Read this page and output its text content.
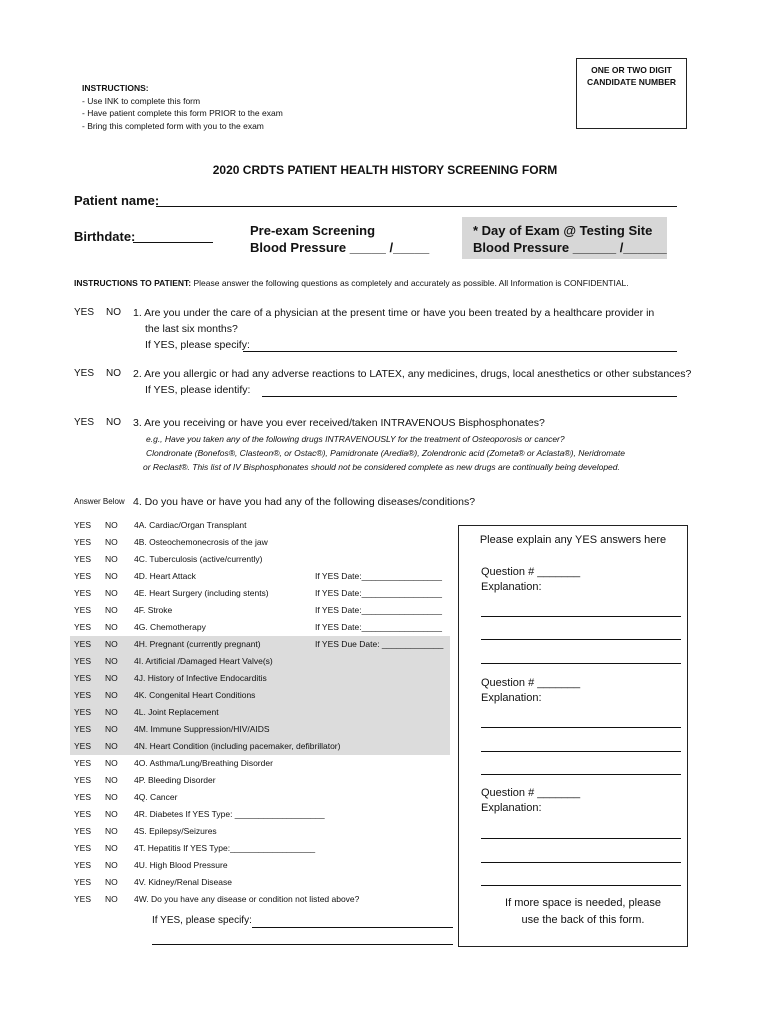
ONE OR TWO DIGIT
CANDIDATE NUMBER
INSTRUCTIONS:
- Use INK to complete this form
- Have patient complete this form PRIOR to the exam
- Bring this completed form with you to the exam
2020 CRDTS PATIENT HEALTH HISTORY SCREENING FORM
Patient name:
Birthdate:	Pre-exam Screening
Blood Pressure _____ /_____
* Day of Exam @ Testing Site
Blood Pressure ______ /______
INSTRUCTIONS TO PATIENT: Please answer the following questions as completely and accurately as possible. All Information is CONFIDENTIAL.
YES NO 1. Are you under the care of a physician at the present time or have you been treated by a healthcare provider in
the last six months?
If YES, please specify:
YES NO 2. Are you allergic or had any adverse reactions to LATEX, any medicines, drugs, local anesthetics or other substances?
If YES, please identify:
YES NO 3. Are you receiving or have you ever received/taken INTRAVENOUS Bisphosphonates?
e.g., Have you taken any of the following drugs INTRAVENOUSLY for the treatment of Osteoporosis or cancer?
Clondronate (Bonefos®, Clasteon®, or Ostac®), Pamidronate (Aredia®), Zolendronic acid (Zometa® or Aclasta®), Neridromate
or Reclast®. This list of IV Bisphosphonates should not be considered complete as new drugs are continually being developed.
Answer Below 4. Do you have or have you had any of the following diseases/conditions?
YES NO 4A. Cardiac/Organ Transplant
YES NO 4B. Osteochemonecrosis of the jaw
YES NO 4C. Tuberculosis (active/currently)
YES NO 4D. Heart Attack	If YES Date:_________________
YES NO 4E. Heart Surgery (including stents)	If YES Date:_________________
YES NO 4F. Stroke	If YES Date:_________________
YES NO 4G. Chemotherapy	If YES Date:_________________
YES NO 4H. Pregnant (currently pregnant)	If YES Due Date: _____________
YES NO 4I. Artificial /Damaged Heart Valve(s)
YES NO 4J. History of Infective Endocarditis
YES NO 4K. Congenital Heart Conditions
YES NO 4L. Joint Replacement
YES NO 4M. Immune Suppression/HIV/AIDS
YES NO 4N. Heart Condition (including pacemaker, defibrillator)
YES NO 4O. Asthma/Lung/Breathing Disorder
YES NO 4P. Bleeding Disorder
YES NO 4Q. Cancer
YES NO 4R. Diabetes If YES Type: ___________________
YES NO 4S. Epilepsy/Seizures
YES NO 4T. Hepatitis If YES Type:__________________
YES NO 4U. High Blood Pressure
YES NO 4V. Kidney/Renal Disease
YES NO 4W. Do you have any disease or condition not listed above?
If YES, please specify:
Please explain any YES answers here
Question # _______
Explanation:
Question # _______
Explanation:
Question # _______
Explanation:
If more space is needed, please
use the back of this form.
